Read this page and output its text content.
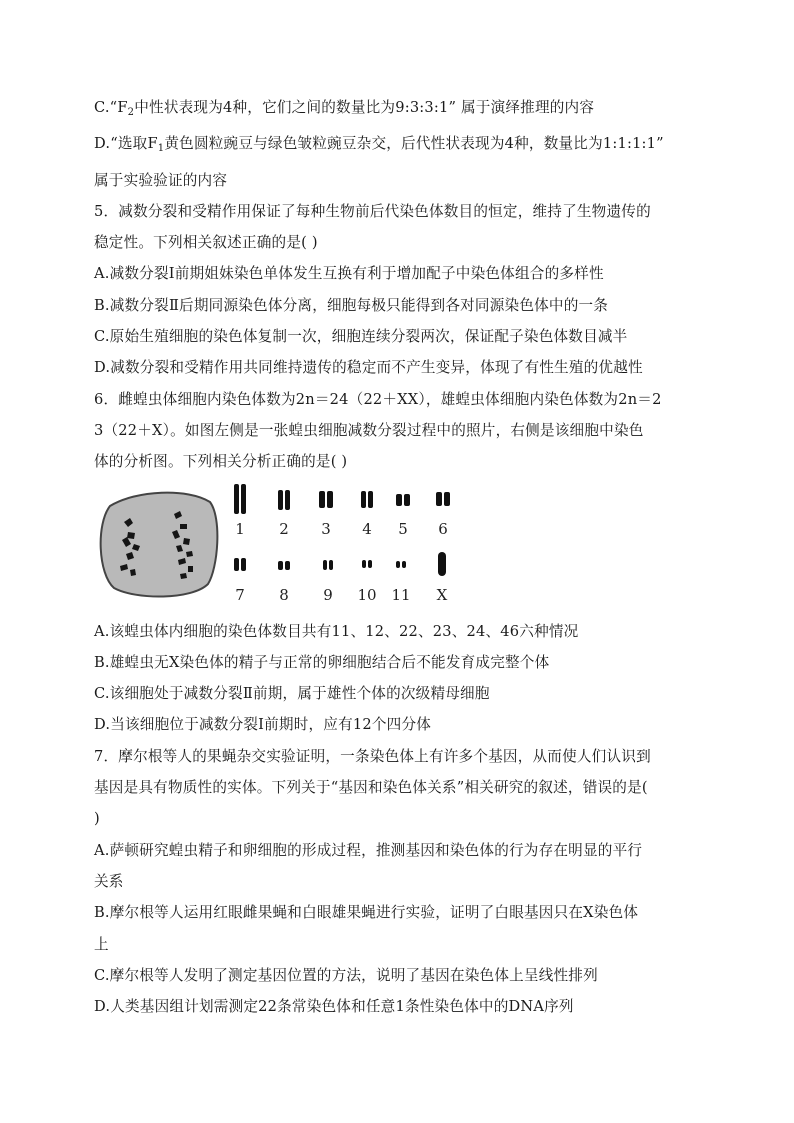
$C.“F_2$中性状表现为4种，它们之间的数量比为9:3:3:1” 属于演绎推理的内容
D.“选取$F_1$黄色圆粒豌豆与绿色皱粒豌豆杂交，后代性状表现为4种，数量比为1:1:1:1”
属于实验验证的内容
5．减数分裂和受精作用保证了每种生物前后代染色体数目的恒定，维持了生物遗传的
稳定性。下列相关叙述正确的是( )
A.减数分裂Ⅰ前期姐妹染色单体发生互换有利于增加配子中染色体组合的多样性
B.减数分裂Ⅱ后期同源染色体分离，细胞每极只能得到各对同源染色体中的一条
C.原始生殖细胞的染色体复制一次，细胞连续分裂两次，保证配子染色体数目减半
D.减数分裂和受精作用共同维持遗传的稳定而不产生变异，体现了有性生殖的优越性
6．雌蝗虫体细胞内染色体数为2n＝24（22＋XX），雄蝗虫体细胞内染色体数为2n＝2
3（22＋X）。如图左侧是一张蝗虫细胞减数分裂过程中的照片，右侧是该细胞中染色
体的分析图。下列相关分析正确的是( )
1 2 3 4 5 6
7 8 9 10 11 X
A.该蝗虫体内细胞的染色体数目共有11、12、22、23、24、46六种情况
B.雄蝗虫无X染色体的精子与正常的卵细胞结合后不能发育成完整个体
C.该细胞处于减数分裂Ⅱ前期，属于雄性个体的次级精母细胞
D.当该细胞位于减数分裂Ⅰ前期时，应有12个四分体
7．摩尔根等人的果蝇杂交实验证明，一条染色体上有许多个基因，从而使人们认识到
基因是具有物质性的实体。下列关于“基因和染色体关系”相关研究的叙述，错误的是(
)
A.萨顿研究蝗虫精子和卵细胞的形成过程，推测基因和染色体的行为存在明显的平行
关系
B.摩尔根等人运用红眼雌果蝇和白眼雄果蝇进行实验，证明了白眼基因只在X染色体
上
C.摩尔根等人发明了测定基因位置的方法，说明了基因在染色体上呈线性排列
D.人类基因组计划需测定22条常染色体和任意1条性染色体中的DNA序列
